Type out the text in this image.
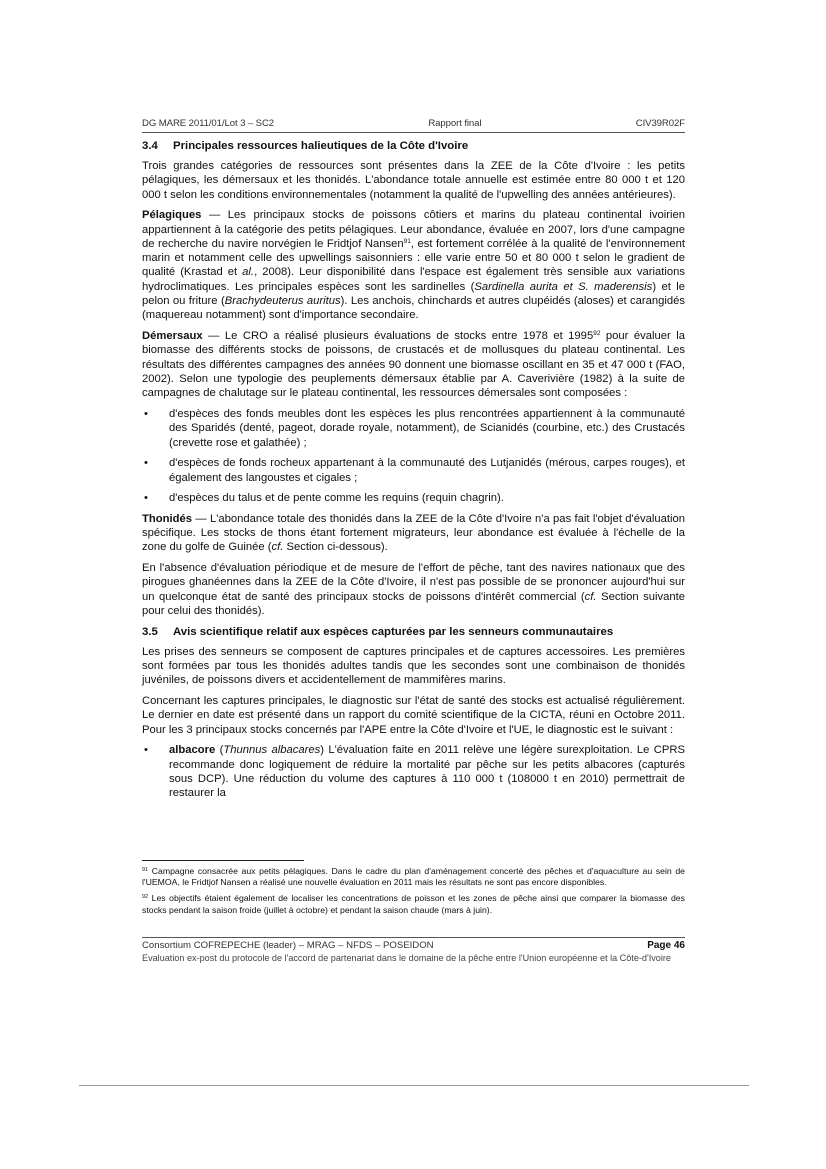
DG MARE 2011/01/Lot 3 – SC2	Rapport final	CIV39R02F
3.4 Principales ressources halieutiques de la Côte d'Ivoire

Trois grandes catégories de ressources sont présentes dans la ZEE de la Côte d'Ivoire : les petits pélagiques, les démersaux et les thonidés. L'abondance totale annuelle est estimée entre 80 000 t et 120 000 t selon les conditions environnementales (notamment la qualité de l'upwelling des années antérieures).

Pélagiques — Les principaux stocks de poissons côtiers et marins du plateau continental ivoirien appartiennent à la catégorie des petits pélagiques. Leur abondance, évaluée en 2007, lors d'une campagne de recherche du navire norvégien le Fridtjof Nansen$^{91}$, est fortement corrélée à la qualité de l'environnement marin et notamment celle des upwellings saisonniers : elle varie entre 50 et 80 000 t selon le gradient de qualité (Krastad et al., 2008). Leur disponibilité dans l'espace est également très sensible aux variations hydroclimatiques. Les principales espèces sont les sardinelles (Sardinella aurita et S. maderensis) et le pelon ou friture (Brachydeuterus auritus). Les anchois, chinchards et autres clupéidés (aloses) et carangidés (maquereau notamment) sont d'importance secondaire.

Démersaux — Le CRO a réalisé plusieurs évaluations de stocks entre 1978 et 1995$^{92}$ pour évaluer la biomasse des différents stocks de poissons, de crustacés et de mollusques du plateau continental. Les résultats des différentes campagnes des années 90 donnent une biomasse oscillant en 35 et 47 000 t (FAO, 2002). Selon une typologie des peuplements démersaux établie par A. Caverivière (1982) à la suite de campagnes de chalutage sur le plateau continental, les ressources démersales sont composées :

• d'espèces des fonds meubles dont les espèces les plus rencontrées appartiennent à la communauté des Sparidés (denté, pageot, dorade royale, notamment), de Scianidés (courbine, etc.) des Crustacés (crevette rose et galathée) ;
• d'espèces de fonds rocheux appartenant à la communauté des Lutjanidés (mérous, carpes rouges), et également des langoustes et cigales ;
• d'espèces du talus et de pente comme les requins (requin chagrin).

Thonidés — L'abondance totale des thonidés dans la ZEE de la Côte d'Ivoire n'a pas fait l'objet d'évaluation spécifique. Les stocks de thons étant fortement migrateurs, leur abondance est évaluée à l'échelle de la zone du golfe de Guinée (cf. Section ci-dessous).

En l'absence d'évaluation périodique et de mesure de l'effort de pêche, tant des navires nationaux que des pirogues ghanéennes dans la ZEE de la Côte d'Ivoire, il n'est pas possible de se prononcer aujourd'hui sur un quelconque état de santé des principaux stocks de poissons d'intérêt commercial (cf. Section suivante pour celui des thonidés).

3.5 Avis scientifique relatif aux espèces capturées par les senneurs communautaires

Les prises des senneurs se composent de captures principales et de captures accessoires. Les premières sont formées par tous les thonidés adultes tandis que les secondes sont une combinaison de thonidés juvéniles, de poissons divers et accidentellement de mammifères marins.

Concernant les captures principales, le diagnostic sur l'état de santé des stocks est actualisé régulièrement. Le dernier en date est présenté dans un rapport du comité scientifique de la CICTA, réuni en Octobre 2011. Pour les 3 principaux stocks concernés par l'APE entre la Côte d'Ivoire et l'UE, le diagnostic est le suivant :

• albacore (Thunnus albacares) L'évaluation faite en 2011 relève une légère surexploitation. Le CPRS recommande donc logiquement de réduire la mortalité par pêche sur les petits albacores (capturés sous DCP). Une réduction du volume des captures à 110 000 t (108000 t en 2010) permettrait de restaurer la

$^{91}$ Campagne consacrée aux petits pélagiques. Dans le cadre du plan d'aménagement concerté des pêches et d'aquaculture au sein de l'UEMOA, le Fridtjof Nansen a réalisé une nouvelle évaluation en 2011 mais les résultats ne sont pas encore disponibles.

$^{92}$ Les objectifs étaient également de localiser les concentrations de poisson et les zones de pêche ainsi que comparer la biomasse des stocks pendant la saison froide (juillet à octobre) et pendant la saison chaude (mars à juin).

Consortium COFREPECHE (leader) – MRAG – NFDS – POSEIDON	Page 46
Evaluation ex-post du protocole de l'accord de partenariat dans le domaine de la pêche entre l'Union européenne et la Côte-d'Ivoire
